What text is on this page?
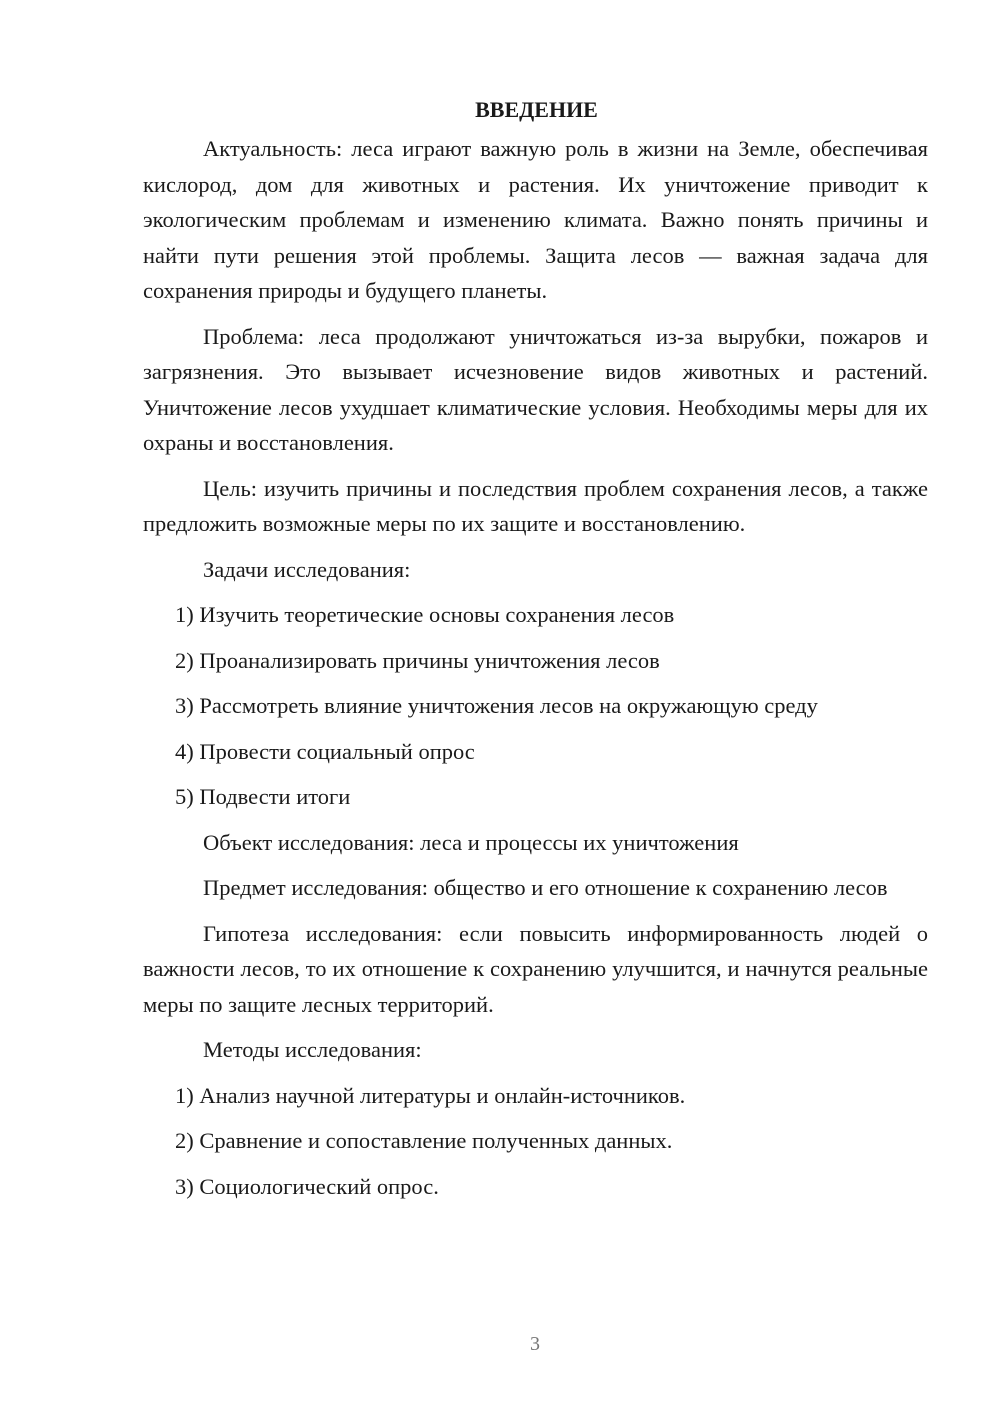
ВВЕДЕНИЕ

Актуальность: леса играют важную роль в жизни на Земле, обеспечивая кислород, дом для животных и растения. Их уничтожение приводит к экологическим проблемам и изменению климата. Важно понять причины и найти пути решения этой проблемы. Защита лесов — важная задача для сохранения природы и будущего планеты.

Проблема: леса продолжают уничтожаться из-за вырубки, пожаров и загрязнения. Это вызывает исчезновение видов животных и растений. Уничтожение лесов ухудшает климатические условия. Необходимы меры для их охраны и восстановления.

Цель: изучить причины и последствия проблем сохранения лесов, а также предложить возможные меры по их защите и восстановлению.

Задачи исследования:

1) Изучить теоретические основы сохранения лесов

2) Проанализировать причины уничтожения лесов

3) Рассмотреть влияние уничтожения лесов на окружающую среду

4) Провести социальный опрос

5) Подвести итоги

Объект исследования: леса и процессы их уничтожения

Предмет исследования: общество и его отношение к сохранению лесов

Гипотеза исследования: если повысить информированность людей о важности лесов, то их отношение к сохранению улучшится, и начнутся реальные меры по защите лесных территорий.

Методы исследования:

1) Анализ научной литературы и онлайн-источников.

2) Сравнение и сопоставление полученных данных.

3) Социологический опрос.

3
